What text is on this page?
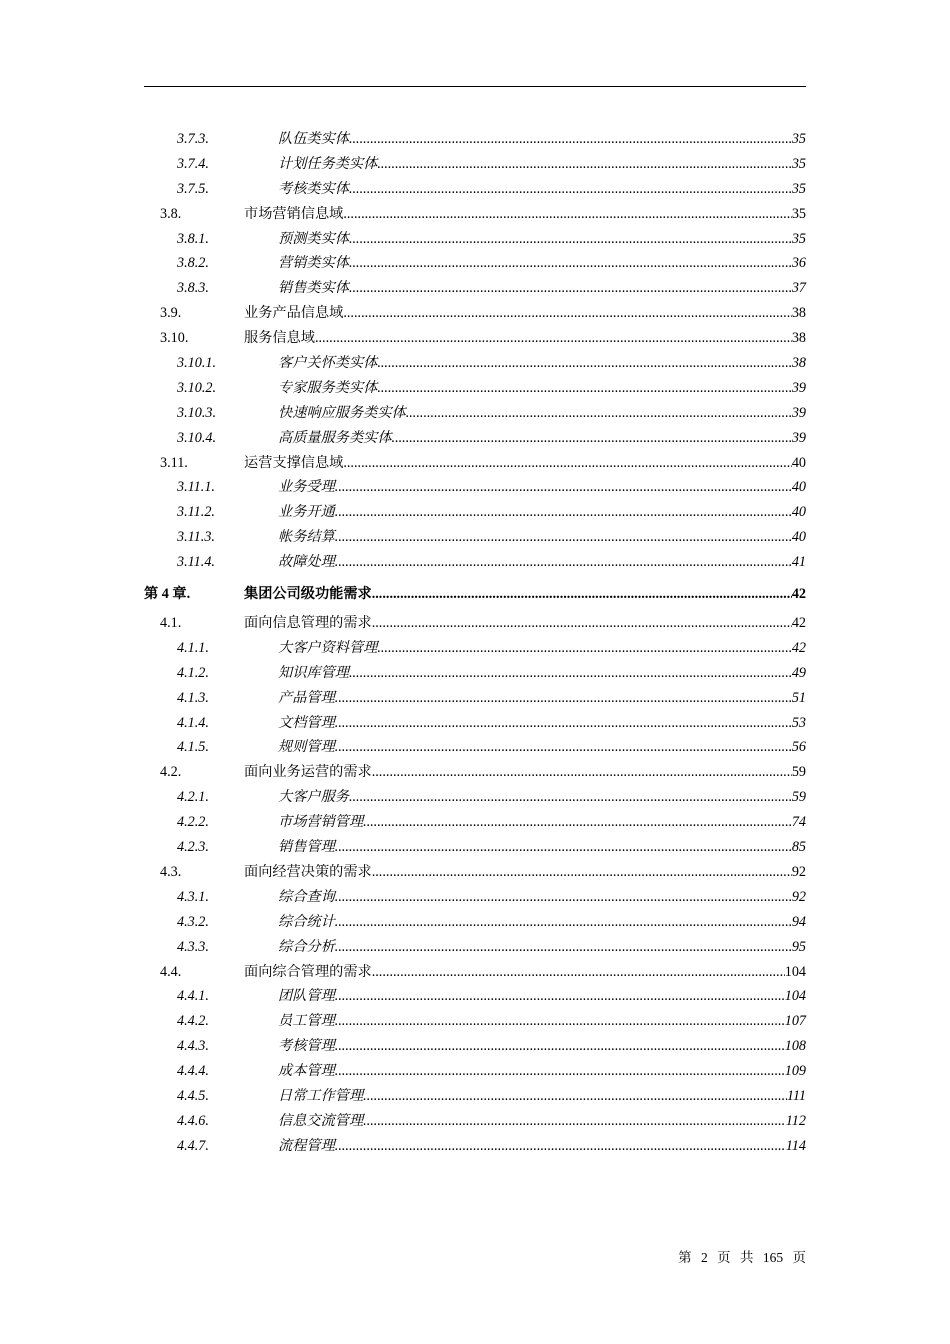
3.7.3.	队伍类实体 .....	35
3.7.4.	计划任务类实体 .....	35
3.7.5.	考核类实体 .....	35
3.8.	市场营销信息域 .....	35
3.8.1.	预测类实体 .....	35
3.8.2.	营销类实体 .....	36
3.8.3.	销售类实体 .....	37
3.9.	业务产品信息域 .....	38
3.10.	服务信息域 .....	38
3.10.1.	客户关怀类实体 .....	38
3.10.2.	专家服务类实体 .....	39
3.10.3.	快速响应服务类实体 .....	39
3.10.4.	高质量服务类实体 .....	39
3.11.	运营支撑信息域 .....	40
3.11.1.	业务受理 .....	40
3.11.2.	业务开通 .....	40
3.11.3.	帐务结算 .....	40
3.11.4.	故障处理 .....	41
第 4 章.	集团公司级功能需求 .....	42
4.1.	面向信息管理的需求 .....	42
4.1.1.	大客户资料管理 .....	42
4.1.2.	知识库管理 .....	49
4.1.3.	产品管理 .....	51
4.1.4.	文档管理 .....	53
4.1.5.	规则管理 .....	56
4.2.	面向业务运营的需求 .....	59
4.2.1.	大客户服务 .....	59
4.2.2.	市场营销管理 .....	74
4.2.3.	销售管理 .....	85
4.3.	面向经营决策的需求 .....	92
4.3.1.	综合查询 .....	92
4.3.2.	综合统计 .....	94
4.3.3.	综合分析 .....	95
4.4.	面向综合管理的需求 .....	104
4.4.1.	团队管理 .....	104
4.4.2.	员工管理 .....	107
4.4.3.	考核管理 .....	108
4.4.4.	成本管理 .....	109
4.4.5.	日常工作管理 .....	111
4.4.6.	信息交流管理 .....	112
4.4.7.	流程管理 .....	114
第 2 页 共 165 页
